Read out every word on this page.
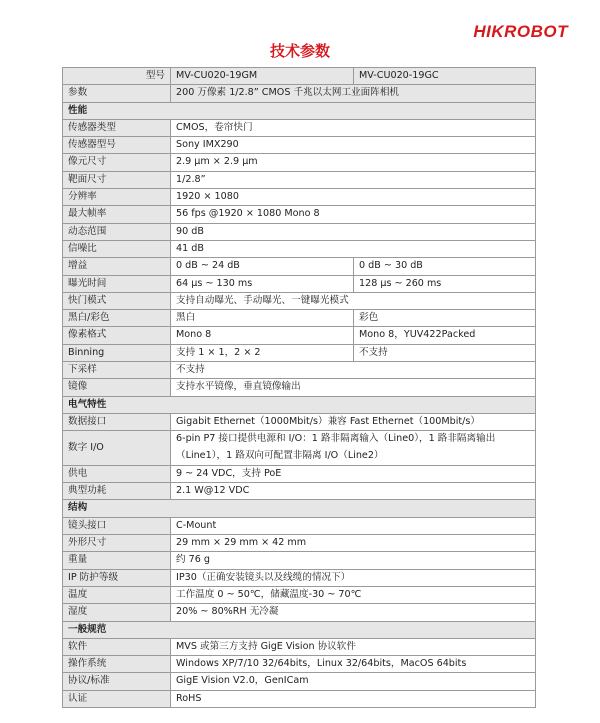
HIKROBOT
技术参数
型号	MV-CU020-19GM	MV-CU020-19GC
参数	200 万像素 1/2.8” CMOS 千兆以太网工业面阵相机	
性能		
传感器类型	CMOS，卷帘快门	
传感器型号	Sony IMX290	
像元尺寸	2.9 μm × 2.9 μm	
靶面尺寸	1/2.8”	
分辨率	1920 × 1080	
最大帧率	56 fps @1920 × 1080 Mono 8	
动态范围	90 dB	
信噪比	41 dB	
增益	0 dB ~ 24 dB	0 dB ~ 30 dB
曝光时间	64 μs ~ 130 ms	128 μs ~ 260 ms
快门模式	支持自动曝光、手动曝光、一键曝光模式	
黑白/彩色	黑白	彩色
像素格式	Mono 8	Mono 8，YUV422Packed
Binning	支持 1 × 1，2 × 2	不支持
下采样	不支持	
镜像	支持水平镜像，垂直镜像输出	
电气特性		
数据接口	Gigabit Ethernet（1000Mbit/s）兼容 Fast Ethernet（100Mbit/s）	
数字 I/O	6-pin P7 接口提供电源和 I/O：1 路非隔离输入（Line0），1 路非隔离输出（Line1），1 路双向可配置非隔离 I/O（Line2）	
供电	9 ~ 24 VDC，支持 PoE	
典型功耗	2.1 W@12 VDC	
结构		
镜头接口	C-Mount	
外形尺寸	29 mm × 29 mm × 42 mm	
重量	约 76 g	
IP 防护等级	IP30（正确安装镜头以及线缆的情况下）	
温度	工作温度 0 ~ 50℃，储藏温度-30 ~ 70℃	
湿度	20% ~ 80%RH 无冷凝	
一般规范		
软件	MVS 或第三方支持 GigE Vision 协议软件	
操作系统	Windows XP/7/10 32/64bits，Linux 32/64bits，MacOS 64bits	
协议/标准	GigE Vision V2.0，GenICam	
认证	RoHS	
